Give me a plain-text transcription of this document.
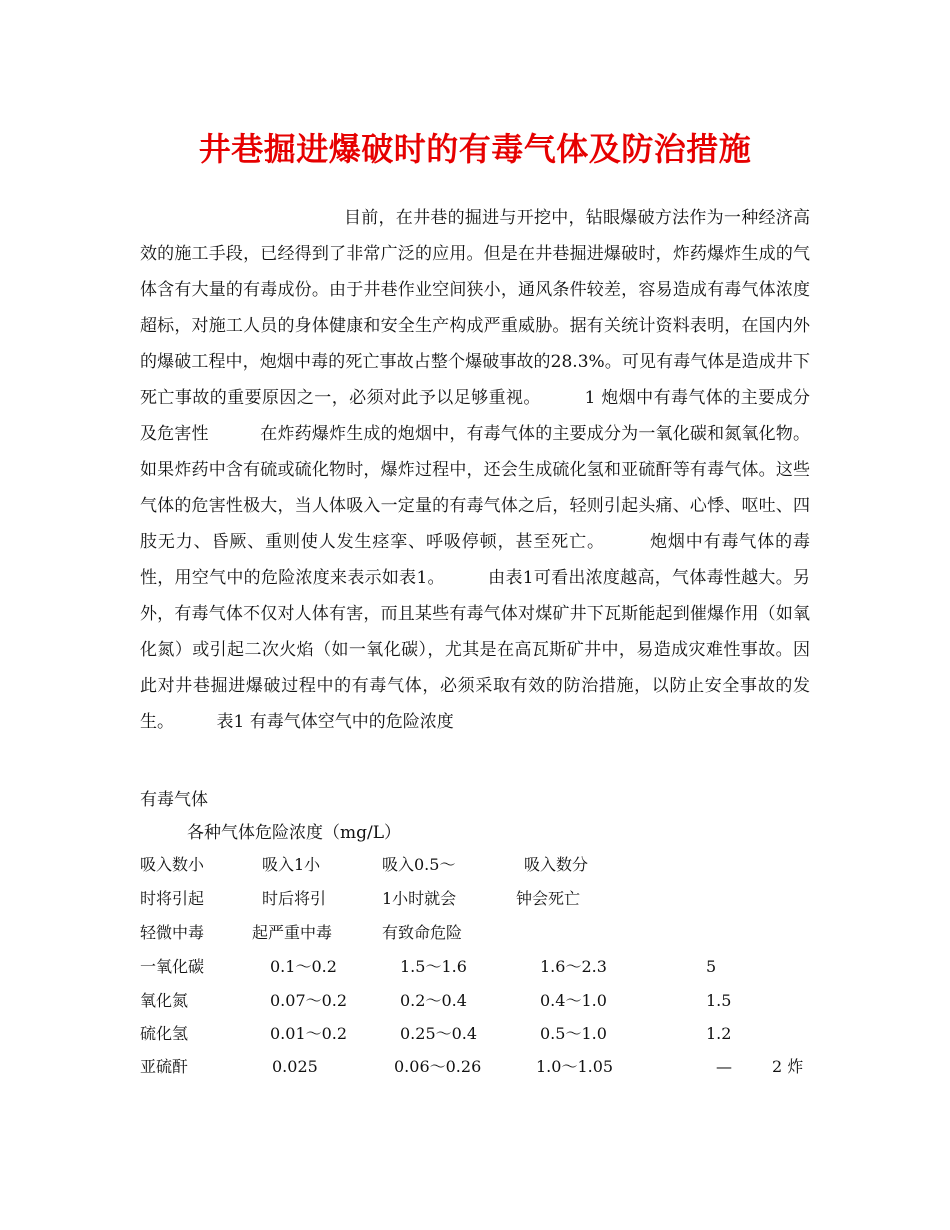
井巷掘进爆破时的有毒气体及防治措施

目前，在井巷的掘进与开挖中，钻眼爆破方法作为一种经济高效的施工手段，已经得到了非常广泛的应用。但是在井巷掘进爆破时，炸药爆炸生成的气体含有大量的有毒成份。由于井巷作业空间狭小，通风条件较差，容易造成有毒气体浓度超标，对施工人员的身体健康和安全生产构成严重威胁。据有关统计资料表明，在国内外的爆破工程中，炮烟中毒的死亡事故占整个爆破事故的28.3%。可见有毒气体是造成井下死亡事故的重要原因之一，必须对此予以足够重视。　　　1 炮烟中有毒气体的主要成分及危害性　　　在炸药爆炸生成的炮烟中，有毒气体的主要成分为一氧化碳和氮氧化物。如果炸药中含有硫或硫化物时，爆炸过程中，还会生成硫化氢和亚硫酐等有毒气体。这些气体的危害性极大，当人体吸入一定量的有毒气体之后，轻则引起头痛、心悸、呕吐、四肢无力、昏厥、重则使人发生痉挛、呼吸停顿，甚至死亡。　　　炮烟中有毒气体的毒性，用空气中的危险浓度来表示如表1。　　　由表1可看出浓度越高，气体毒性越大。另外，有毒气体不仅对人体有害，而且某些有毒气体对煤矿井下瓦斯能起到催爆作用（如氧化氮）或引起二次火焰（如一氧化碳），尤其是在高瓦斯矿井中，易造成灾难性事故。因此对井巷掘进爆破过程中的有毒气体，必须采取有效的防治措施，以防止安全事故的发生。　　　表1 有毒气体空气中的危险浓度

有毒气体
各种气体危险浓度（mg/L）
吸入数小	吸入1小	吸入0.5～	吸入数分
时将引起	时后将引	1小时就会	钟会死亡
轻微中毒	起严重中毒	有致命危险
一氧化碳	0.1～0.2	1.5～1.6	1.6～2.3	5
氧化氮	0.07～0.2	0.2～0.4	0.4～1.0	1.5
硫化氢	0.01～0.2	0.25～0.4	0.5～1.0	1.2
亚硫酐	0.025	0.06～0.26	1.0～1.05	—	2 炸
